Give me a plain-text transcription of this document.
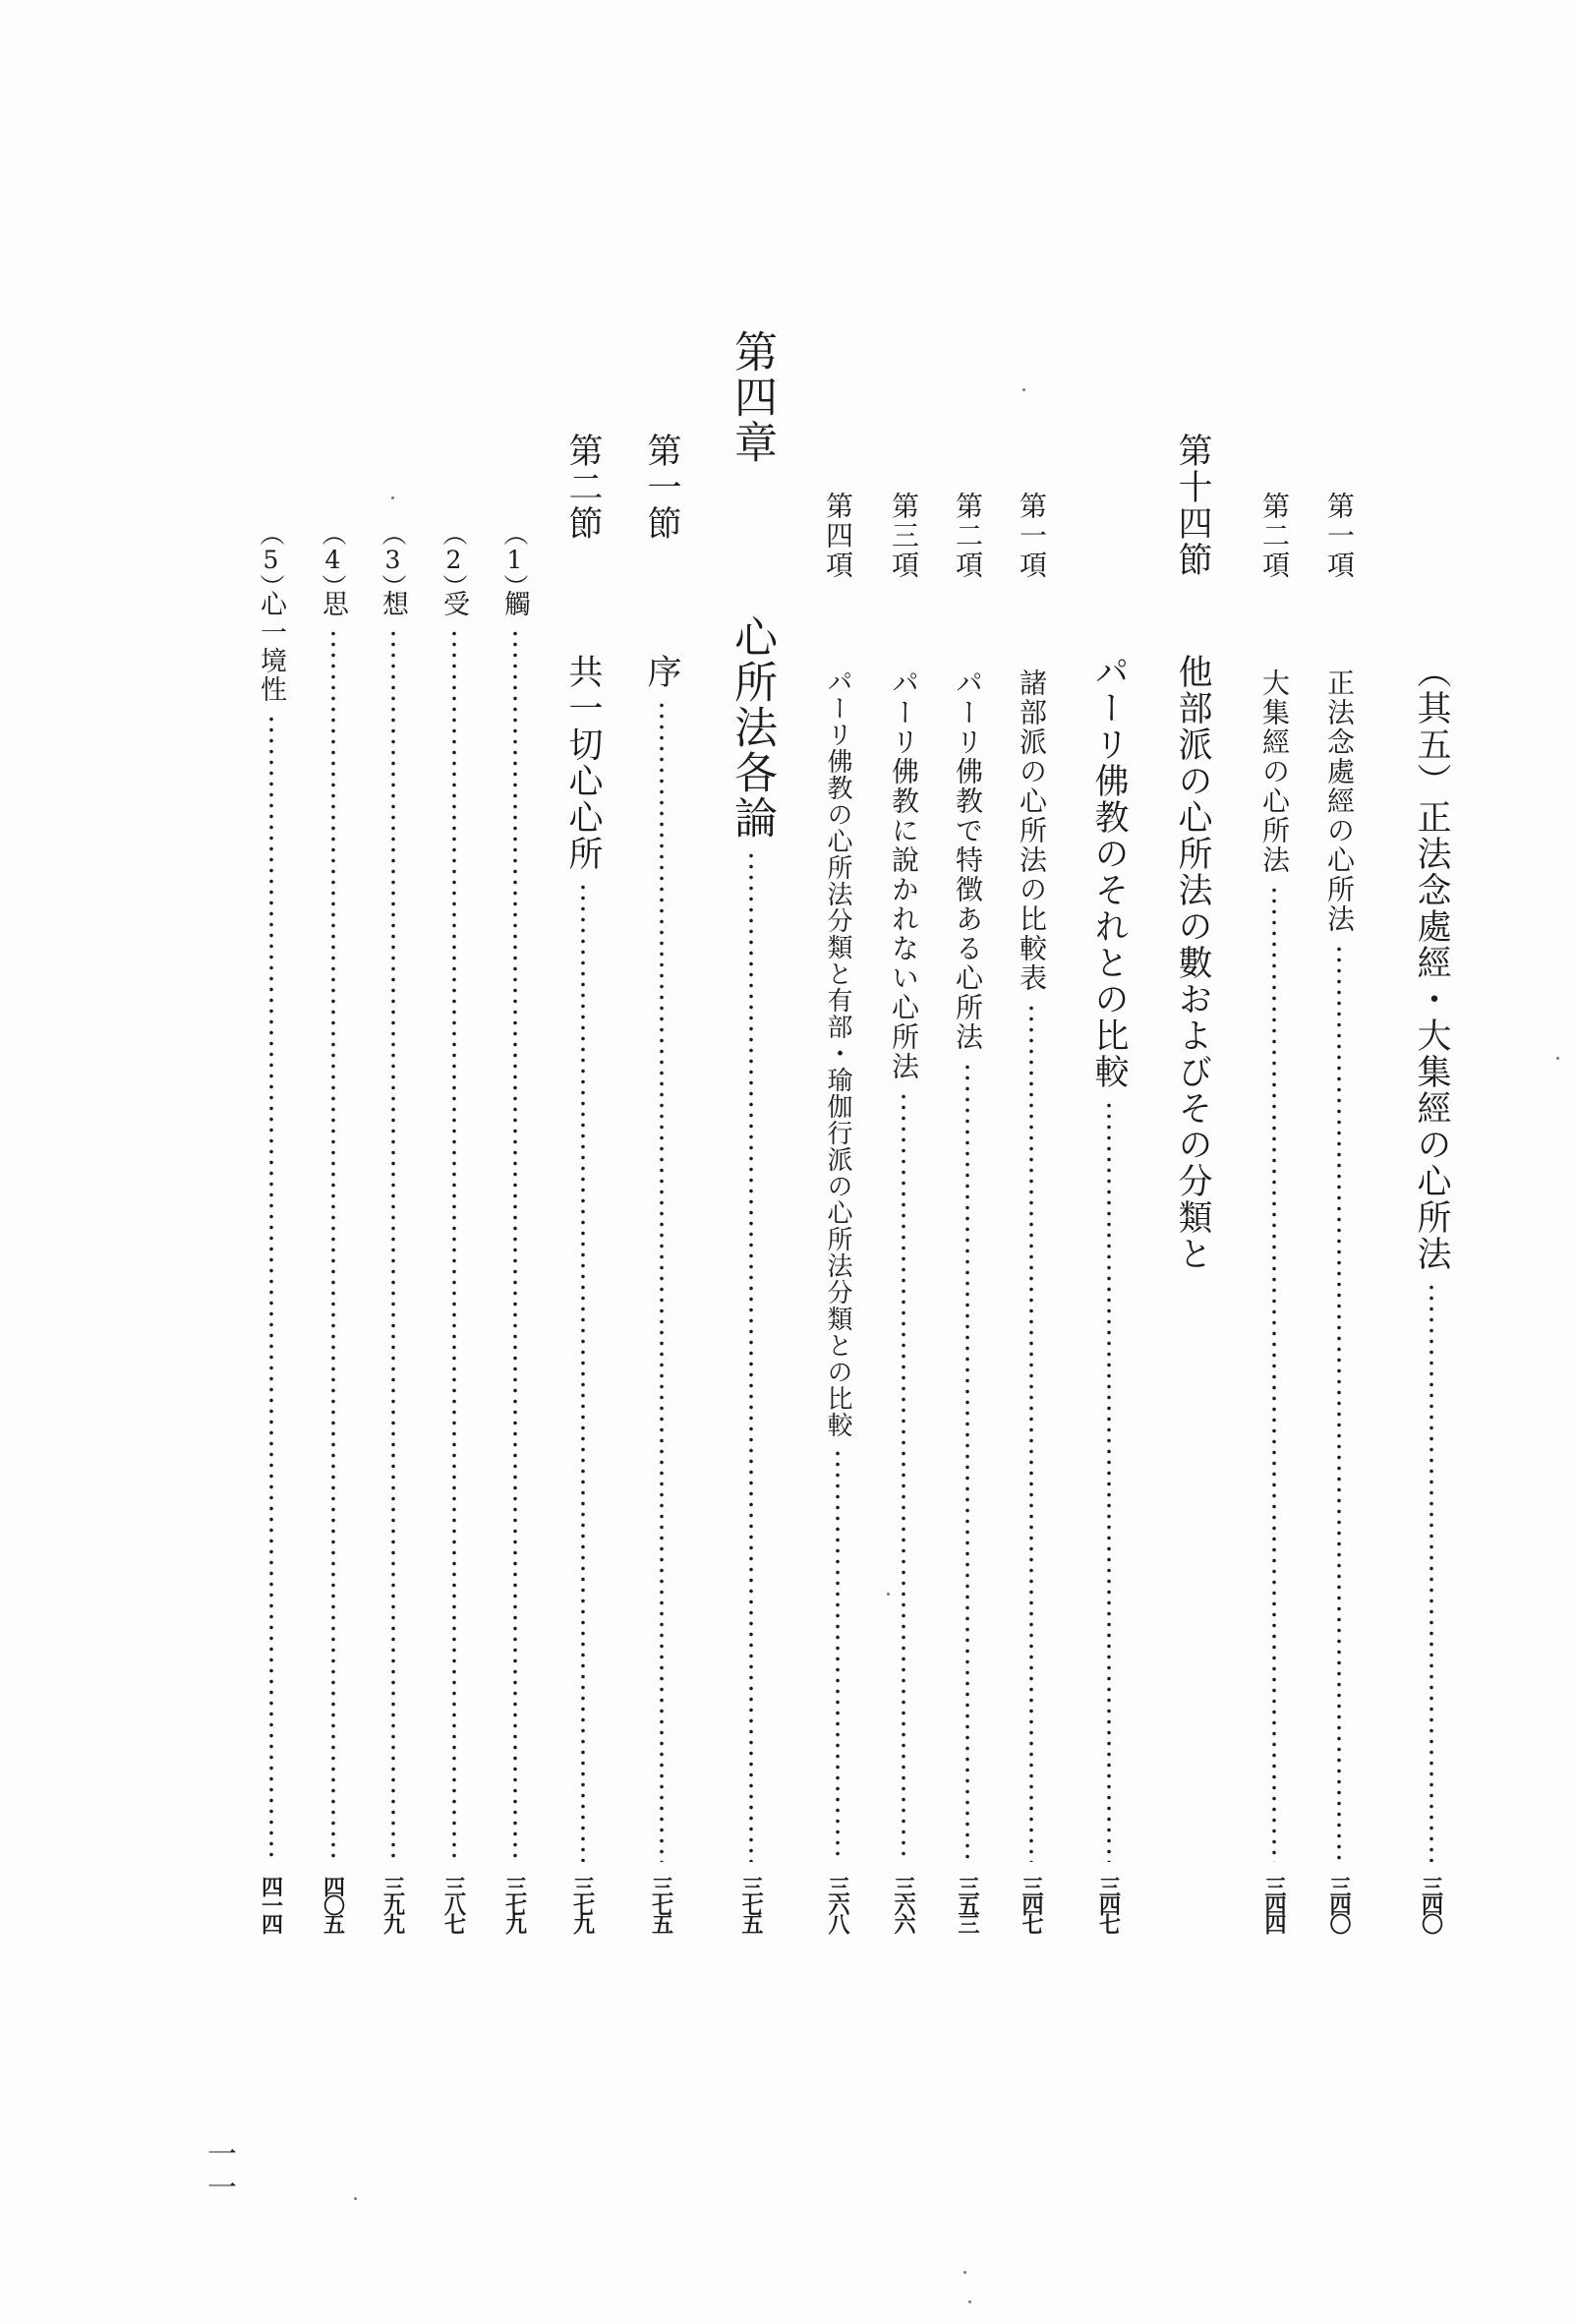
（其五）正法念處經・大集經の心所法
三四〇
第一項
正法念處經の心所法
三四〇
第二項
大集經の心所法
三四四
第十四節
他部派の心所法の數およびその分類と
パーリ佛教のそれとの比較
三四七
第一項
諸部派の心所法の比較表
三四七
第二項
パーリ佛教で特徴ある心所法
三五三
第三項
パーリ佛教に說かれない心所法
三六六
第四項
パーリ佛教の心所法分類と有部・瑜伽行派の心所法分類との比較
三六八
第四章
心所法各論
三七五
第一節
序
三七五
第二節
共一切心心所
三七九
（1）
觸
三七九
（2）
受
三八七
（3）
想
三九九
（4）
思
四〇五
（5）
心一境性
四一四
一一
